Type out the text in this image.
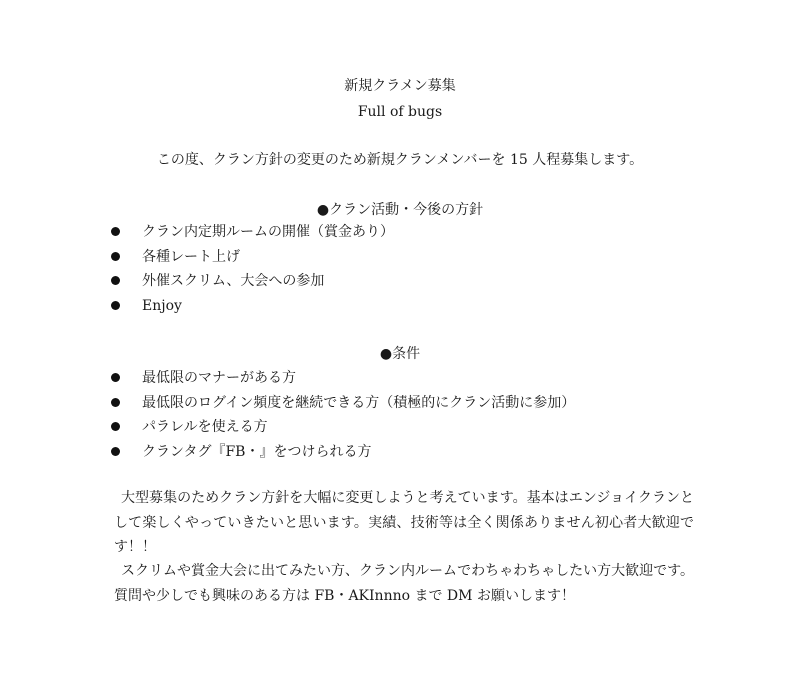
新規クラメン募集
Full of bugs
この度、クラン方針の変更のため新規クランメンバーを 15 人程募集します。
●クラン活動・今後の方針
クラン内定期ルームの開催（賞金あり）
各種レート上げ
外催スクリム、大会への参加
Enjoy
●条件
最低限のマナーがある方
最低限のログイン頻度を継続できる方（積極的にクラン活動に参加）
パラレルを使える方
クランタグ『FB・』をつけられる方

大型募集のためクラン方針を大幅に変更しようと考えています。基本はエンジョイクランとして楽しくやっていきたいと思います。実績、技術等は全く関係ありません初心者大歓迎です！！

スクリムや賞金大会に出てみたい方、クラン内ルームでわちゃわちゃしたい方大歓迎です。質問や少しでも興味のある方は FB・AKInnno まで DM お願いします！
